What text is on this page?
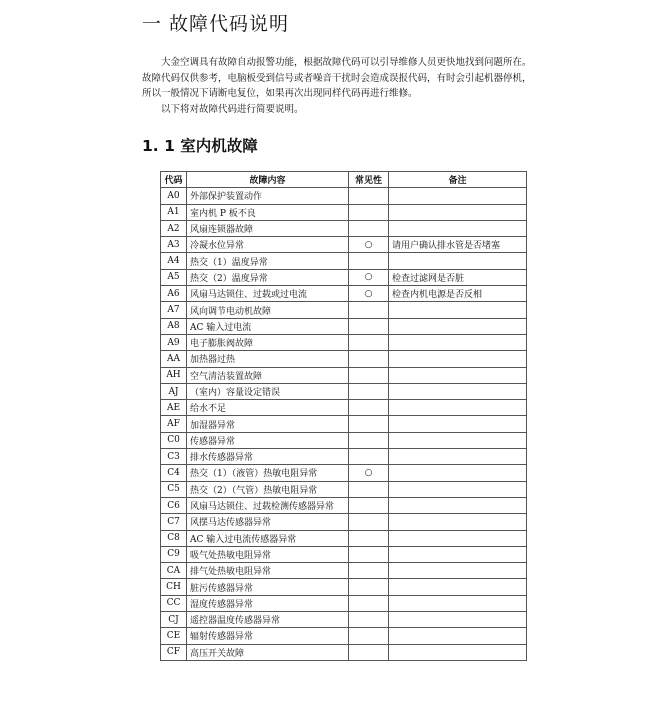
一 故障代码说明

大金空调具有故障自动报警功能，根据故障代码可以引导维修人员更快地找到问题所在。

故障代码仅供参考，电脑板受到信号或者噪音干扰时会造成误报代码，有时会引起机器停机，

所以一般情况下请断电复位，如果再次出现同样代码再进行维修。

以下将对故障代码进行简要说明。

1. 1 室内机故障
代码	故障内容	常见性	备注
A0	外部保护装置动作		
A1	室内机 P 板不良		
A2	风扇连锁器故障		
A3	冷凝水位异常	○	请用户确认排水管是否堵塞
A4	热交（1）温度异常		
A5	热交（2）温度异常	○	检查过滤网是否脏
A6	风扇马达锁住、过载或过电流	○	检查内机电源是否反相
A7	风向调节电动机故障		
A8	AC 输入过电流		
A9	电子膨胀阀故障		
AA	加热器过热		
AH	空气清洁装置故障		
AJ	（室内）容量设定错误		
AE	给水不足		
AF	加湿器异常		
C0	传感器异常		
C3	排水传感器异常		
C4	热交（1）（液管）热敏电阻异常	○	
C5	热交（2）（气管）热敏电阻异常		
C6	风扇马达锁住、过载检测传感器异常		
C7	风摆马达传感器异常		
C8	AC 输入过电流传感器异常		
C9	吸气处热敏电阻异常		
CA	排气处热敏电阻异常		
CH	脏污传感器异常		
CC	湿度传感器异常		
CJ	遥控器温度传感器异常		
CE	辐射传感器异常		
CF	高压开关故障		
